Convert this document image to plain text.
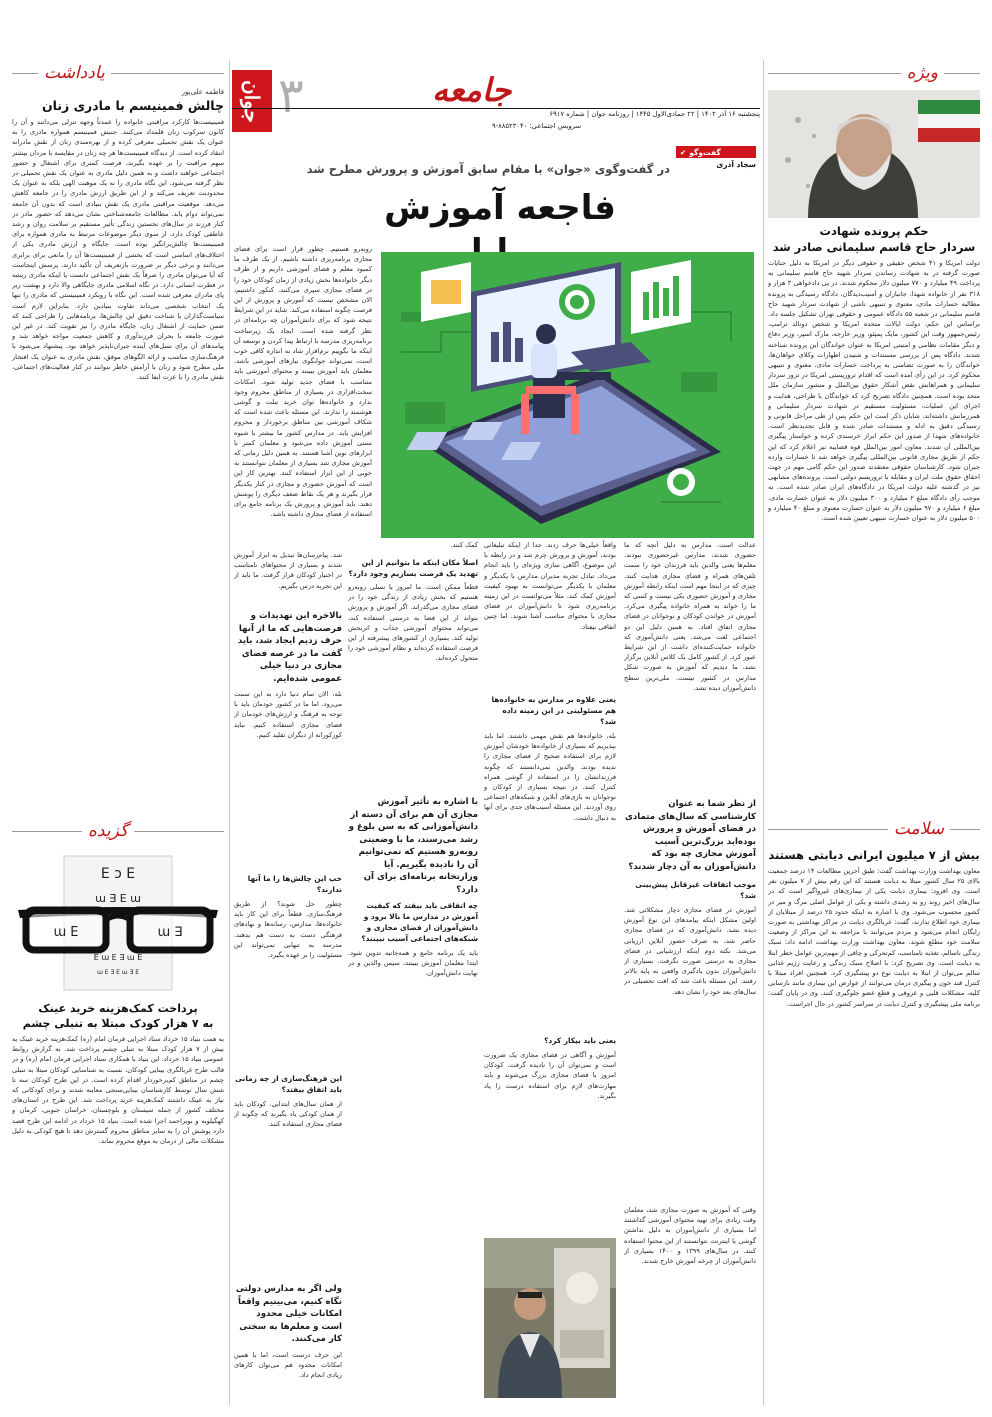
یادداشت
فاطمه علی‌پور
چالش فمینیسم با مادری زنان
فمینیست‌ها کارکرد مراقبتی خانواده را عمدتاً وجهه تنزلی می‌دانند و آن را کانون سرکوب زنان قلمداد می‌کنند. جنبش فمینیسم همواره مادری را به عنوان یک نقش تحمیلی معرفی کرده و از بهره‌مندی زنان از نقش مادرانه انتقاد کرده است. از دیدگاه فمینیست‌ها هر چه زنان در مقایسه با مردان بیشتر سهم مراقبت را بر عهده بگیرند، فرصت کمتری برای اشتغال و حضور اجتماعی خواهند داشت و به همین دلیل مادری به عنوان یک نقش تحمیلی در نظر گرفته می‌شود. این نگاه مادری را نه یک موهبت الهی بلکه به عنوان یک محدودیت تعریف می‌کند و از این طریق ارزش مادری را در جامعه کاهش می‌دهد. موقعیت مراقبتی مادری یک نقش بنیادی است که بدون آن جامعه نمی‌تواند دوام یابد. مطالعات جامعه‌شناختی نشان می‌دهد که حضور مادر در کنار فرزند در سال‌های نخستین زندگی تأثیر مستقیم بر سلامت روان و رشد عاطفی کودک دارد. از سوی دیگر موضوعات مرتبط به مادری همواره برای فمینیست‌ها چالش‌برانگیز بوده است. جایگاه و ارزش مادری یکی از اختلاف‌های اساسی است که بخشی از فمینیست‌ها آن را مانعی برای برابری می‌دانند و برخی دیگر بر ضرورت بازتعریف آن تأکید دارند. پرسش اینجاست که آیا می‌توان مادری را صرفاً یک نقش اجتماعی دانست یا اینکه مادری ریشه در فطرت انسانی دارد. در نگاه اسلامی مادری جایگاهی والا دارد و بهشت زیر پای مادران معرفی شده است. این نگاه با رویکرد فمینیستی که مادری را تنها یک انتخاب شخصی می‌داند تفاوت بنیادین دارد. بنابراین لازم است سیاست‌گذاران با شناخت دقیق این چالش‌ها، برنامه‌هایی را طراحی کنند که ضمن حمایت از اشتغال زنان، جایگاه مادری را نیز تقویت کند. در غیر این صورت جامعه با بحران فرزندآوری و کاهش جمعیت مواجه خواهد شد و پیامدهای آن برای نسل‌های آینده جبران‌ناپذیر خواهد بود. پیشنهاد می‌شود با فرهنگ‌سازی مناسب و ارائه الگوهای موفق، نقش مادری به عنوان یک افتخار ملی مطرح شود و زنان با آرامش خاطر بتوانند در کنار فعالیت‌های اجتماعی، نقش مادری را با عزت ایفا کنند.
گزیده
E ↄ E
ɯ ∃ E ɯ
E ɯ E ∃ ɯ E
ɯ E ∃ E ɯ ∃ E
ɯ E	∃ ɯ
پرداخت کمک‌هزینه خرید عینک
به ۷ هزار کودک مبتلا به تنبلی چشم
به همت بنیاد ۱۵ خرداد ستاد اجرایی فرمان امام (ره) کمک‌هزینه خرید عینک به بیش از ۷ هزار کودک مبتلا به تنبلی چشم پرداخت شد. به گزارش روابط عمومی بنیاد ۱۵ خرداد، این بنیاد با همکاری ستاد اجرایی فرمان امام (ره) و در قالب طرح غربالگری بینایی کودکان، نسبت به شناسایی کودکان مبتلا به تنبلی چشم در مناطق کم‌برخوردار اقدام کرده است. در این طرح کودکان سه تا شش سال توسط کارشناسان بینایی‌سنجی معاینه شدند و برای کودکانی که نیاز به عینک داشتند کمک‌هزینه خرید پرداخت شد. این طرح در استان‌های مختلف کشور از جمله سیستان و بلوچستان، خراسان جنوبی، کرمان و کهگیلویه و بویراحمد اجرا شده است. بنیاد ۱۵ خرداد در ادامه این طرح قصد دارد پوشش آن را به سایر مناطق محروم گسترش دهد تا هیچ کودکی به دلیل مشکلات مالی از درمان به موقع محروم نماند.
جوان ۳	جامعه
پنجشنبه ۱۶ آذر ۱۴۰۲ | ۲۲ جمادی‌الاول ۱۴۴۵ | روزنامه جوان | شماره ۶۹۱۷
سرویس اجتماعی: ۸۸۵۲۳۰۴۰-۹
گفت‌وگو
✔
سجاد آذری
در گفت‌وگوی «جوان» با مقام سابق آموزش و پرورش مطرح شد
فاجعه آموزش
روبه‌رو هستیم. چطور قرار است برای فضای مجازی برنامه‌ریزی داشته باشیم. از یک طرف ما کمبود معلم و فضای آموزشی داریم و از طرف دیگر خانواده‌ها بخش زیادی از زمان کودکان خود را در فضای مجازی سپری می‌کنند. کنکور داشتیم، الان مشخص نیست که آموزش و پرورش از این فرصت چگونه استفاده می‌کند. شاید در این شرایط نتیجه شود که برای دانش‌آموزان چه برنامه‌ای در نظر گرفته شده است. ایجاد یک زیرساخت برنامه‌ریزی مدرسه با ارتباط پیدا کردن و توسعه آن اینکه ما بگوییم نرم‌افزار شاد به اندازه کافی خوب است، نمی‌تواند جوابگوی نیازهای آموزشی باشد. معلمان باید آموزش ببینند و محتوای آموزشی باید متناسب با فضای جدید تولید شود. امکانات سخت‌افزاری در بسیاری از مناطق محروم وجود ندارد و خانواده‌ها توان خرید تبلت و گوشی هوشمند را ندارند. این مسئله باعث شده است که شکاف آموزشی بین مناطق برخوردار و محروم افزایش یابد. در مدارس کشور ما بیشتر با شیوه سنتی آموزش داده می‌شود و معلمان کمتر با ابزارهای نوین آشنا هستند. به همین دلیل زمانی که آموزش مجازی شد بسیاری از معلمان نتوانستند به خوبی از این ابزار استفاده کنند. بهترین کار این است که آموزش حضوری و مجازی در کنار یکدیگر قرار بگیرند و هر یک نقاط ضعف دیگری را پوشش دهند. باید آموزش و پرورش یک برنامه جامع برای استفاده از فضای مجازی داشته باشد.
عدالت است. مدارس به دلیل آنچه که ما حضوری شدند، مدارس غیرحضوری نبودند. معلم‌ها یعنی والدین باید فرزندان خود را سمت تلفن‌های همراه و فضای مجازی هدایت کنند. چیزی که در اینجا مهم است اینکه رابطه آموزش مجازی و آموزش حضوری یکی نیست و کسی که ما را خواند به همراه خانواده پیگیری می‌کرد. آموزش در خواندن کودکان و نوجوانان در فضای مجازی اتفاق افتاد. به همین دلیل این دو اجتماعی لغت می‌شد. یعنی دانش‌آموزی که خانواده حمایت‌کننده‌ای داشت از این شرایط عبور کرد. از کشور کامل یک کلاس آنلاین برگزار نشد. ما دیدیم که آموزش به صورت شکل مدارس در کشور نیست. ملی‌ترین سطح دانش‌آموزان دیده نشد.
از نظر شما به عنوان کارشناسی که سال‌های متمادی در فضای آموزش و پرورش بوده‌اید بزرگ‌ترین آسیب آموزش مجازی چه بود که دانش‌آموزان به آن دچار شدند؟
موجب اتفاقات غیرقابل پیش‌بینی شد؟
آموزش در فضای مجازی دچار مشکلاتی شد. اولین مشکل اینکه پیامدهای این نوع آموزش دیده نشد. دانش‌آموزی که در فضای مجازی حاضر شد، به صرف حضور آنلاین ارزیابی می‌شد. نکته دوم اینکه ارزشیابی در فضای مجازی به درستی صورت نگرفت. بسیاری از دانش‌آموزان بدون یادگیری واقعی به پایه بالاتر رفتند. این مسئله باعث شد که افت تحصیلی در سال‌های بعد خود را نشان دهد.
وقتی که آموزش به صورت مجازی شد، معلمان وقت زیادی برای تهیه محتوای آموزشی گذاشتند اما بسیاری از دانش‌آموزان به دلیل نداشتن گوشی یا اینترنت نتوانستند از این محتوا استفاده کنند. در سال‌های ۱۳۹۹ و ۱۴۰۰ بسیاری از دانش‌آموزان از چرخه آموزش خارج شدند.
واقعاً خیلی‌ها حرف زدند. جدا از اینکه تبلیغاتی بودند، آموزش و پرورش چرم شد و در رابطه با این موضوع، آگاهی سازی ویژه‌ای را باید انجام می‌داد. تبادل تجربه مدیران مدارس با یکدیگر و معلمان با یکدیگر می‌توانست به بهبود کیفیت آموزش کمک کند. مثلاً می‌توانست در این زمینه برنامه‌ریزی شود تا دانش‌آموزان در فضای مجازی با محتوای مناسب آشنا شوند. اما چنین اتفاقی نیفتاد.
یعنی علاوه بر مدارس به خانواده‌ها هم مسئولیتی در این زمینه داده شد؟
بله، خانواده‌ها هم نقش مهمی داشتند. اما باید بپذیریم که بسیاری از خانواده‌ها خودشان آموزش لازم برای استفاده صحیح از فضای مجازی را ندیده بودند. والدین نمی‌دانستند که چگونه فرزندانشان را در استفاده از گوشی همراه کنترل کنند. در نتیجه بسیاری از کودکان و نوجوانان به بازی‌های آنلاین و شبکه‌های اجتماعی روی آوردند. این مسئله آسیب‌های جدی برای آنها به دنبال داشت.
یعنی باید بیکار کرد؟
آموزش و آگاهی در فضای مجازی یک ضرورت است و نمی‌توان آن را نادیده گرفت. کودکان امروز با فضای مجازی بزرگ می‌شوند و باید مهارت‌های لازم برای استفاده درست را یاد بگیرند.
کمک کنند.
اصلاً مکان اینکه ما بتوانیم از این تهدید یک فرصت بسازیم وجود دارد؟
قطعاً ممکن است. ما امروز با نسلی روبه‌رو هستیم که بخش زیادی از زندگی خود را در فضای مجازی می‌گذراند. اگر آموزش و پرورش بتواند از این فضا به درستی استفاده کند، می‌تواند محتوای آموزشی جذاب و اثربخش تولید کند. بسیاری از کشورهای پیشرفته از این فرصت استفاده کرده‌اند و نظام آموزشی خود را متحول کرده‌اند.
با اشاره به تأثیر آموزش مجازی آن هم برای آن دسته از دانش‌آموزانی که به سن بلوغ و رشد می‌رسند، ما با وضعیتی روبه‌رو هستیم که نمی‌توانیم آن را نادیده بگیریم. آیا وزارتخانه برنامه‌ای برای آن دارد؟
چه اتفاقی باید بیفتد که کیفیت آموزش در مدارس ما بالا برود و دانش‌آموزان از فضای مجازی و شبکه‌های اجتماعی آسیب نبینند؟
باید یک برنامه جامع و همه‌جانبه تدوین شود. ابتدا معلمان آموزش ببینند، سپس والدین و در نهایت دانش‌آموزان.
شد. پیام‌رسان‌ها تبدیل به ابزار آموزش شدند و بسیاری از محتواهای نامناسب در اختیار کودکان قرار گرفت. ما باید از این تجربه درس بگیریم.
بالاخره این تهدیدات و فرصت‌هایی که ما از آنها حرف زدیم ایجاد شد، باید گفت ما در عرصه فضای مجازی در دنیا خیلی عمومی شده‌ایم.
بله، الان تمام دنیا دارد به این سمت می‌رود. اما ما در کشور خودمان باید با توجه به فرهنگ و ارزش‌های خودمان از فضای مجازی استفاده کنیم. نباید کورکورانه از دیگران تقلید کنیم.
خب این چالش‌ها را ما آنها ندارند؟
چطور حل شوند؟ از طریق فرهنگ‌سازی. قطعاً برای این کار باید خانواده‌ها، مدارس، رسانه‌ها و نهادهای فرهنگی دست به دست هم بدهند. مدرسه به تنهایی نمی‌تواند این مسئولیت را بر عهده بگیرد.
این فرهنگ‌سازی از چه زمانی باید اتفاق بیفتد؟
از همان سال‌های ابتدایی. کودکان باید از همان کودکی یاد بگیرند که چگونه از فضای مجازی استفاده کنند.
ولی اگر به مدارس دولتی نگاه کنیم، می‌بینیم واقعاً امکانات خیلی محدود است و معلم‌ها به سختی کار می‌کنند.
این حرف درست است، اما با همین امکانات محدود هم می‌توان کارهای زیادی انجام داد.
ویژه
حکم پرونده شهادت
سردار حاج قاسم سلیمانی صادر شد
دولت امریکا و ۴۱ شخص حقیقی و حقوقی دیگر در امریکا به دلیل جنایات صورت گرفته در به شهادت رساندن سردار شهید حاج قاسم سلیمانی به پرداخت ۴۹ میلیارد و ۷۷۰ میلیون دلار محکوم شدند. در پی دادخواهی ۳ هزار و ۳۱۸ نفر از خانواده شهدا، جانبازان و آسیب‌دیدگان، دادگاه رسیدگی به پرونده مطالبه خسارات مادی، معنوی و تنبیهی ناشی از شهادت سردار شهید حاج قاسم سلیمانی در شعبه ۵۵ دادگاه عمومی و حقوقی تهران تشکیل جلسه داد. براساس این حکم، دولت ایالات متحده امریکا و شخص دونالد ترامپ، رئیس‌جمهور وقت این کشور، مایک پمپئو، وزیر خارجه، مارک اسپر، وزیر دفاع و دیگر مقامات نظامی و امنیتی امریکا به عنوان خواندگان این پرونده شناخته شدند. دادگاه پس از بررسی مستندات و شنیدن اظهارات وکلای خواهان‌ها، خواندگان را به صورت تضامنی به پرداخت خسارات مادی، معنوی و تنبیهی محکوم کرد. در این رأی آمده است که اقدام تروریستی امریکا در ترور سردار سلیمانی و همراهانش نقض آشکار حقوق بین‌الملل و منشور سازمان ملل متحد بوده است. همچنین دادگاه تصریح کرد که خواندگان با طراحی، هدایت و اجرای این عملیات، مسئولیت مستقیم در شهادت سردار سلیمانی و همرزمانش داشته‌اند. شایان ذکر است این حکم پس از طی مراحل قانونی و رسیدگی دقیق به ادله و مستندات صادر شده و قابل تجدیدنظر است. خانواده‌های شهدا از صدور این حکم ابراز خرسندی کرده و خواستار پیگیری بین‌المللی آن شدند. معاون امور بین‌الملل قوه قضاییه نیز اعلام کرد که این حکم از طریق مجاری قانونی بین‌المللی پیگیری خواهد شد تا خسارات وارده جبران شود. کارشناسان حقوقی معتقدند صدور این حکم گامی مهم در جهت احقاق حقوق ملت ایران و مقابله با تروریسم دولتی است. پرونده‌های مشابهی نیز در گذشته علیه دولت امریکا در دادگاه‌های ایران صادر شده است. به موجب رأی دادگاه مبلغ ۲ میلیارد و ۳۰۰ میلیون دلار به عنوان خسارت مادی، مبلغ ۶ میلیارد و ۹۷۰ میلیون دلار به عنوان خسارت معنوی و مبلغ ۴۰ میلیارد و ۵۰۰ میلیون دلار به عنوان خسارت تنبیهی تعیین شده است.
سلامت
بیش از ۷ میلیون ایرانی دیابتی هستند
معاون بهداشت وزارت بهداشت گفت: طبق آخرین مطالعات ۱۴ درصد جمعیت بالای ۲۵ سال کشور مبتلا به دیابت هستند که این رقم بیش از ۷ میلیون نفر است. وی افزود: بیماری دیابت یکی از بیماری‌های غیرواگیر است که در سال‌های اخیر روند رو به رشدی داشته و یکی از عوامل اصلی مرگ و میر در کشور محسوب می‌شود. وی با اشاره به اینکه حدود ۲۵ درصد از مبتلایان از بیماری خود اطلاع ندارند، گفت: غربالگری دیابت در مراکز بهداشتی به صورت رایگان انجام می‌شود و مردم می‌توانند با مراجعه به این مراکز از وضعیت سلامت خود مطلع شوند. معاون بهداشت وزارت بهداشت ادامه داد: سبک زندگی ناسالم، تغذیه نامناسب، کم‌تحرکی و چاقی از مهم‌ترین عوامل خطر ابتلا به دیابت است. وی تصریح کرد: با اصلاح سبک زندگی و رعایت رژیم غذایی سالم می‌توان از ابتلا به دیابت نوع دو پیشگیری کرد. همچنین افراد مبتلا با کنترل قند خون و پیگیری درمان می‌توانند از عوارض این بیماری مانند نارسایی کلیه، مشکلات قلبی و عروقی و قطع عضو جلوگیری کنند. وی در پایان گفت: برنامه ملی پیشگیری و کنترل دیابت در سراسر کشور در حال اجراست.
